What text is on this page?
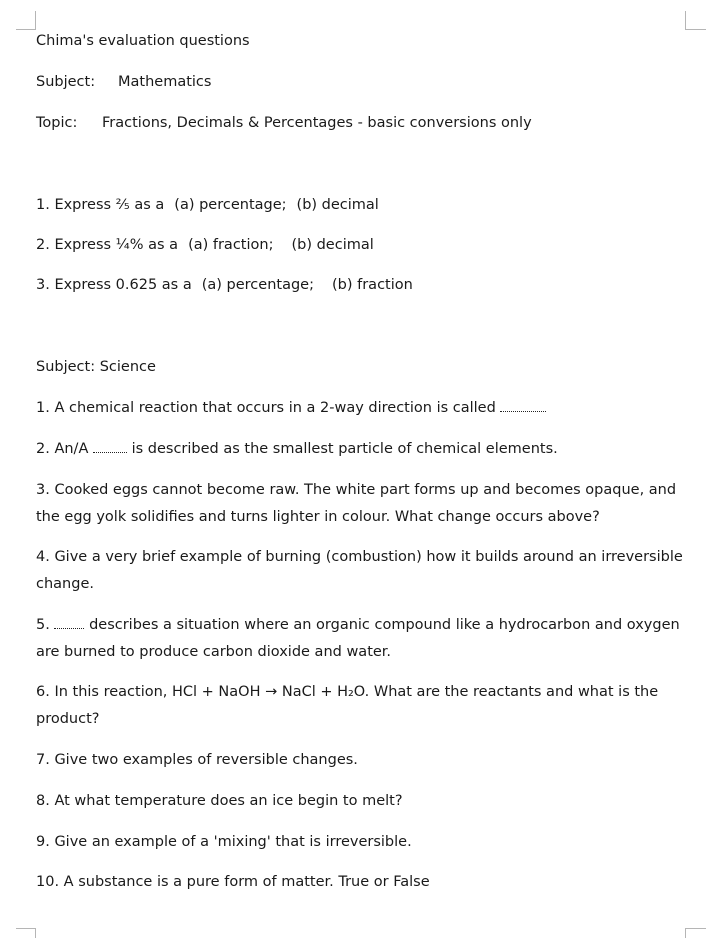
Chima's evaluation questions
Subject: Mathematics
Topic: Fractions, Decimals & Percentages - basic conversions only
1. Express ⅖ as a (a) percentage; (b) decimal
2. Express ¼% as a (a) fraction; (b) decimal
3. Express 0.625 as a (a) percentage; (b) fraction
Subject: Science
1. A chemical reaction that occurs in a 2-way direction is called
2. An/A	is described as the smallest particle of chemical elements.
3. Cooked eggs cannot become raw. The white part forms up and becomes opaque, and the egg yolk solidifies and turns lighter in colour. What change occurs above?
4. Give a very brief example of burning (combustion) how it builds around an irreversible change.
5.	describes a situation where an organic compound like a hydrocarbon and oxygen are burned to produce carbon dioxide and water.
6. In this reaction, HCl + NaOH → NaCl + H₂O. What are the reactants and what is the product?
7. Give two examples of reversible changes.
8. At what temperature does an ice begin to melt?
9. Give an example of a 'mixing' that is irreversible.
10. A substance is a pure form of matter. True or False
